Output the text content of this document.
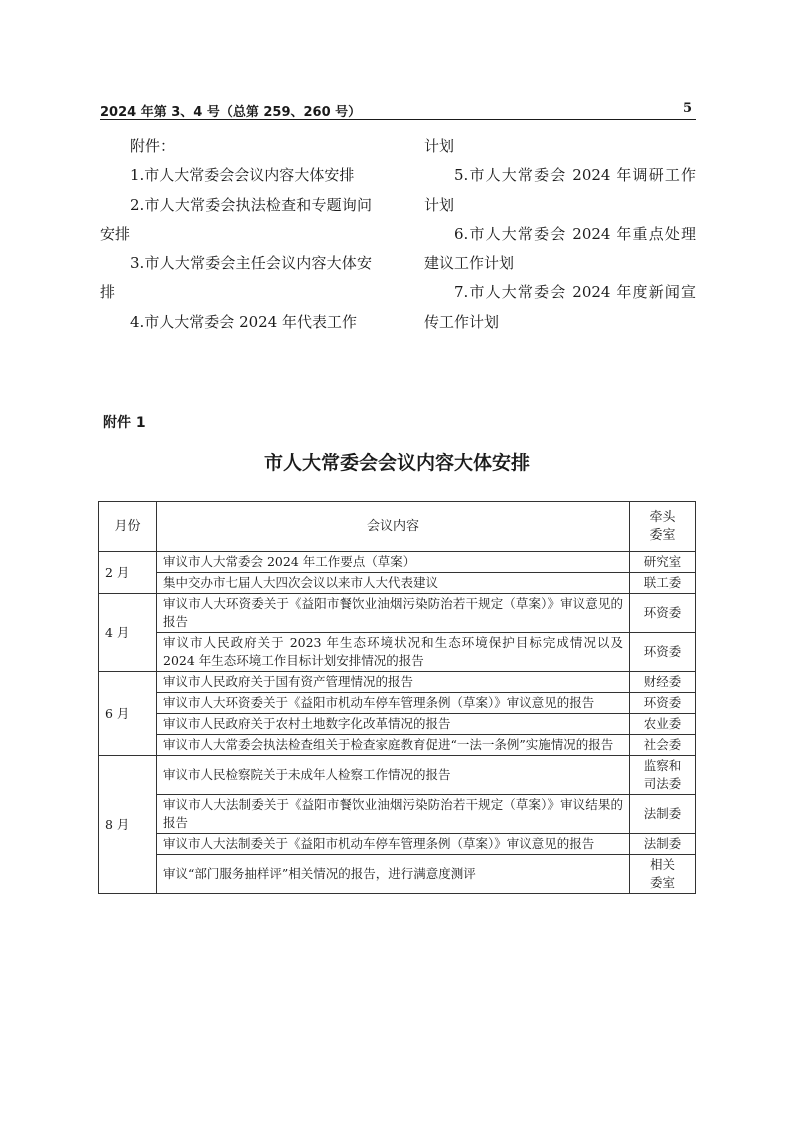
2024 年第 3、4 号（总第 259、260 号）	5

附件：

1.市人大常委会会议内容大体安排

2.市人大常委会执法检查和专题询问安排

3.市人大常委会主任会议内容大体安排

4.市人大常委会 2024 年代表工作

计划

5.市人大常委会 2024 年调研工作计划

6.市人大常委会 2024 年重点处理建议工作计划

7.市人大常委会 2024 年度新闻宣传工作计划

附件 1
市人大常委会会议内容大体安排
月份	会议内容	牵头
委室

2 月	审议市人大常委会 2024 年工作要点（草案）	研究室

	集中交办市七届人大四次会议以来市人大代表建议	联工委

4 月	审议市人大环资委关于《益阳市餐饮业油烟污染防治若干规定（草案）》审议意见的报告	环资委

	审议市人民政府关于 2023 年生态环境状况和生态环境保护目标完成情况以及 2024 年生态环境工作目标计划安排情况的报告	环资委

6 月	审议市人民政府关于国有资产管理情况的报告	财经委

	审议市人大环资委关于《益阳市机动车停车管理条例（草案）》审议意见的报告	环资委

	审议市人民政府关于农村土地数字化改革情况的报告	农业委

	审议市人大常委会执法检查组关于检查家庭教育促进“一法一条例”实施情况的报告	社会委

8 月	审议市人民检察院关于未成年人检察工作情况的报告	监察和
司法委

	审议市人大法制委关于《益阳市餐饮业油烟污染防治若干规定（草案）》审议结果的报告	法制委

	审议市人大法制委关于《益阳市机动车停车管理条例（草案）》审议意见的报告	法制委

	审议“部门服务抽样评”相关情况的报告，进行满意度测评	相关
委室
